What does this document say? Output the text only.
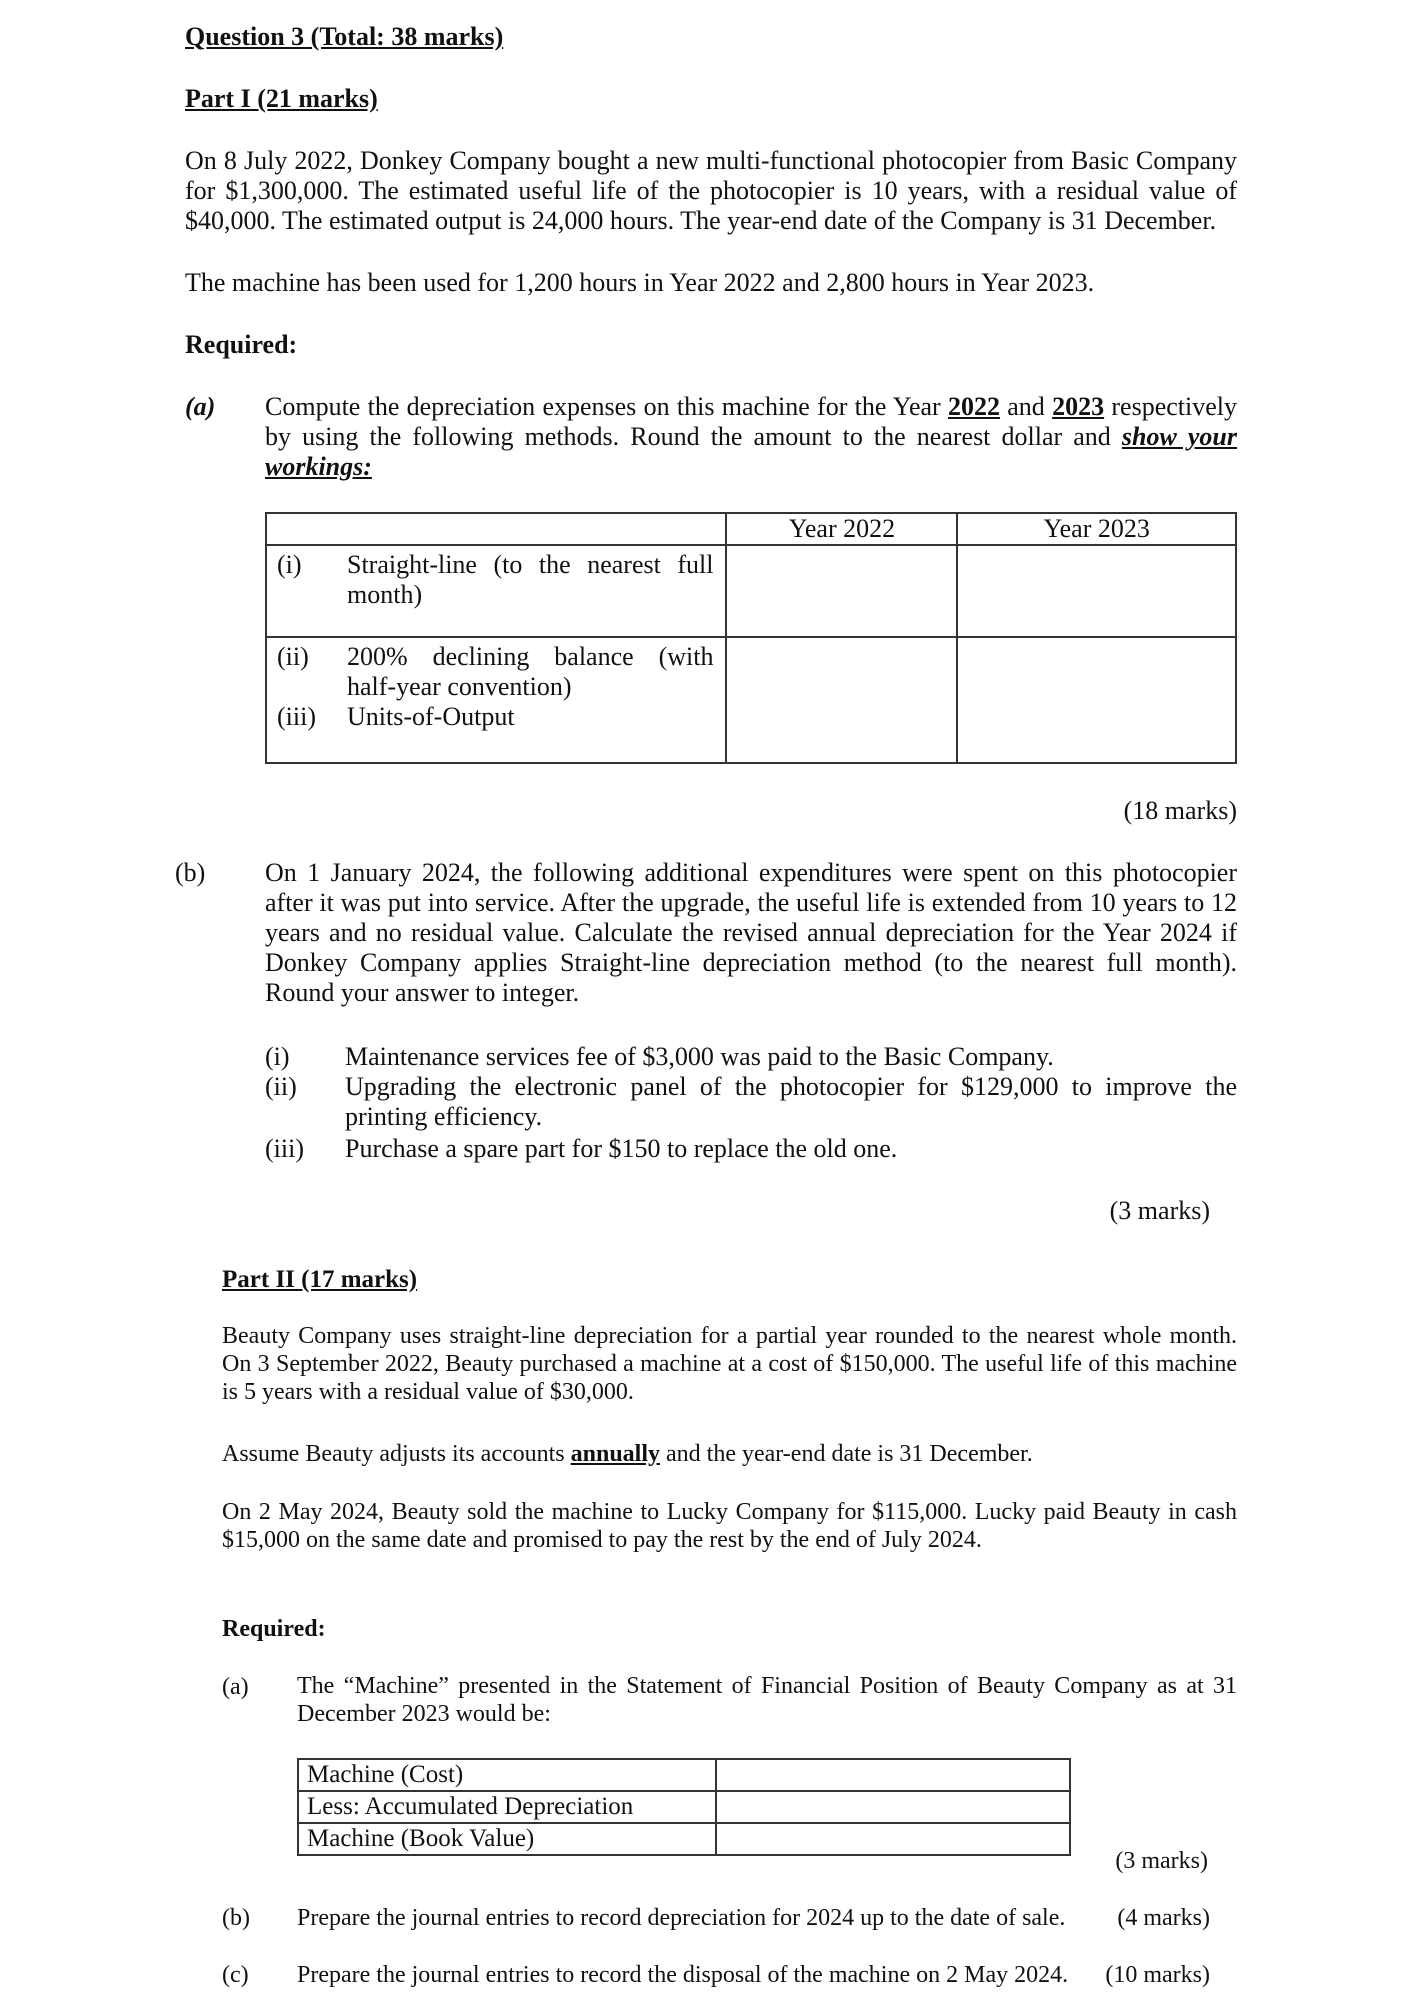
Question 3 (Total: 38 marks)
Part I (21 marks)
On 8 July 2022, Donkey Company bought a new multi-functional photocopier from Basic Company for $1,300,000. The estimated useful life of the photocopier is 10 years, with a residual value of $40,000. The estimated output is 24,000 hours. The year-end date of the Company is 31 December.
The machine has been used for 1,200 hours in Year 2022 and 2,800 hours in Year 2023.
Required:
(a) Compute the depreciation expenses on this machine for the Year 2022 and 2023 respectively by using the following methods. Round the amount to the nearest dollar and show your workings:
	Year 2022	Year 2023

(i) Straight-line (to the nearest full month)		

(ii) 200% declining balance (with half-year convention)
(iii) Units-of-Output		

(18 marks)
(b) On 1 January 2024, the following additional expenditures were spent on this photocopier after it was put into service. After the upgrade, the useful life is extended from 10 years to 12 years and no residual value. Calculate the revised annual depreciation for the Year 2024 if Donkey Company applies Straight-line depreciation method (to the nearest full month). Round your answer to integer.
(i) Maintenance services fee of $3,000 was paid to the Basic Company.
(ii) Upgrading the electronic panel of the photocopier for $129,000 to improve the printing efficiency.
(iii) Purchase a spare part for $150 to replace the old one.
(3 marks)
Part II (17 marks)
Beauty Company uses straight-line depreciation for a partial year rounded to the nearest whole month. On 3 September 2022, Beauty purchased a machine at a cost of $150,000. The useful life of this machine is 5 years with a residual value of $30,000.
Assume Beauty adjusts its accounts annually and the year-end date is 31 December.
On 2 May 2024, Beauty sold the machine to Lucky Company for $115,000. Lucky paid Beauty in cash $15,000 on the same date and promised to pay the rest by the end of July 2024.
Required:
(a) The “Machine” presented in the Statement of Financial Position of Beauty Company as at 31 December 2023 would be:
Machine (Cost)	
Less: Accumulated Depreciation	
Machine (Book Value)	
(3 marks)
(b) Prepare the journal entries to record depreciation for 2024 up to the date of sale.	(4 marks)
(c) Prepare the journal entries to record the disposal of the machine on 2 May 2024.	(10 marks)
